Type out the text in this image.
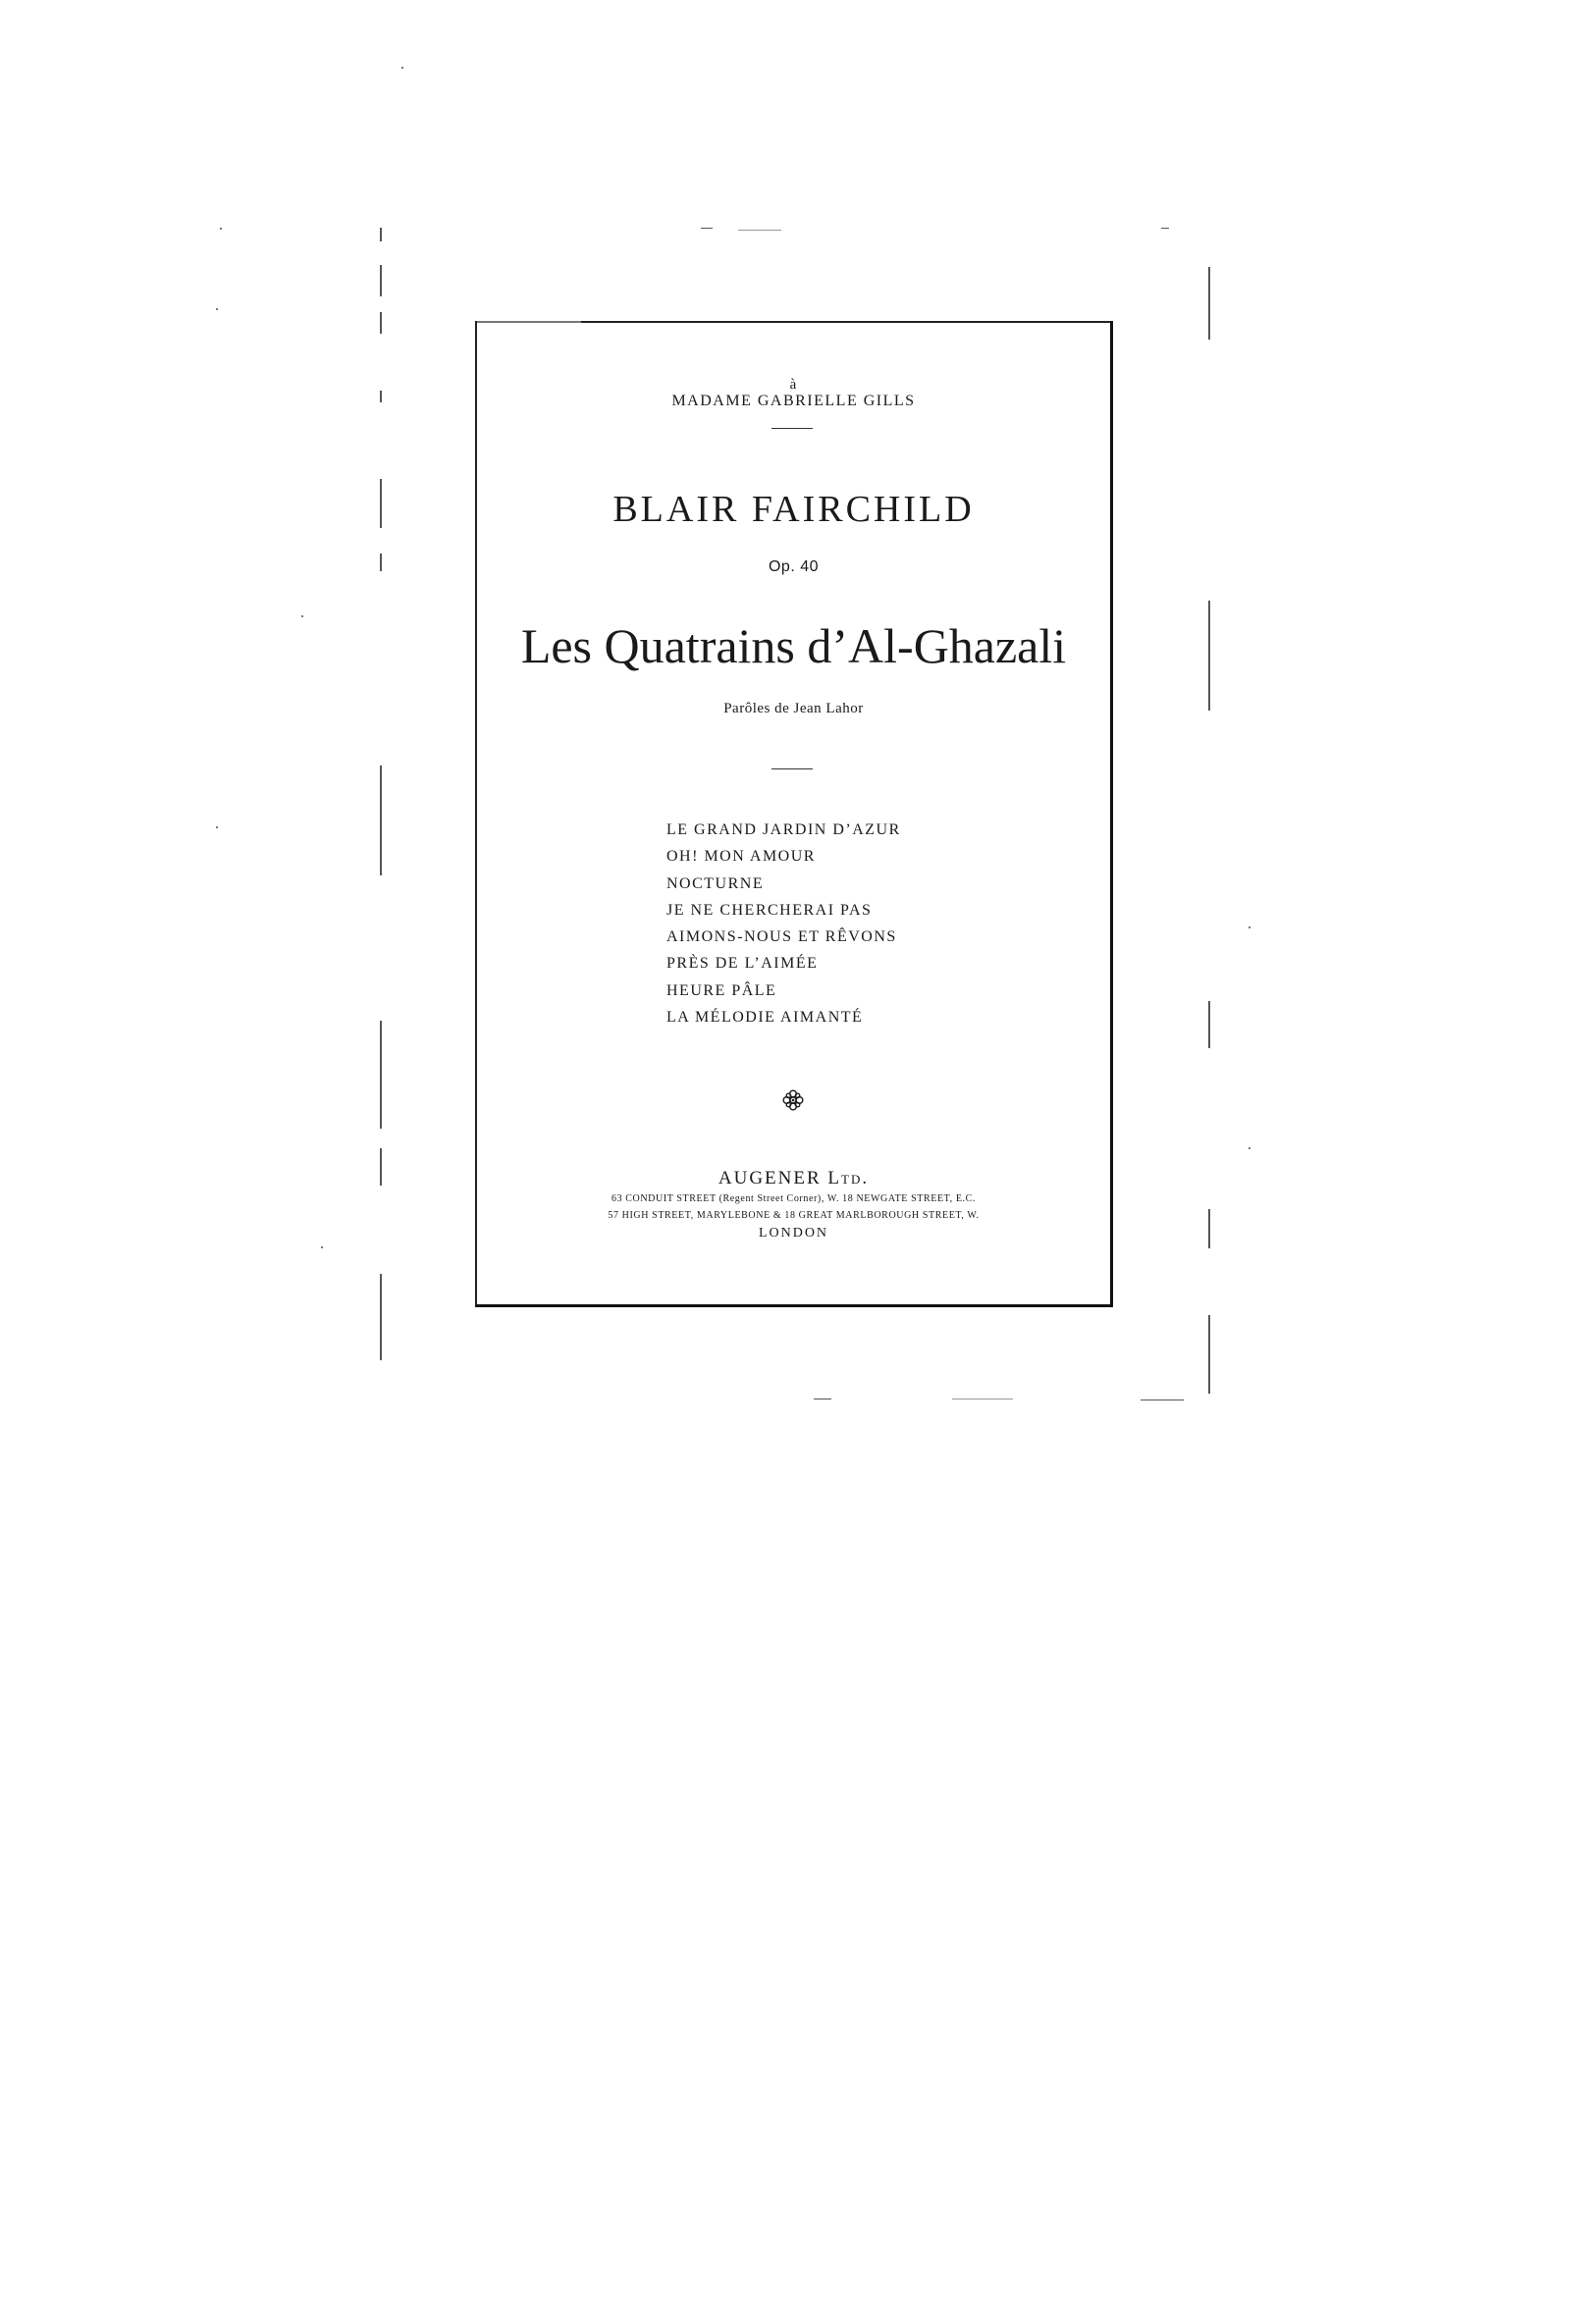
à
MADAME GABRIELLE GILLS
BLAIR FAIRCHILD
Op. 40
Les Quatrains d’Al-Ghazali
Parôles de Jean Lahor
LE GRAND JARDIN D’AZUR
OH! MON AMOUR
NOCTURNE
JE NE CHERCHERAI PAS
AIMONS-NOUS ET RÊVONS
PRÈS DE L’AIMÉE
HEURE PÂLE
LA MÉLODIE AIMANTÉ
AUGENER Ltd.
63 CONDUIT STREET (Regent Street Corner), W. 18 NEWGATE STREET, E.C.
57 HIGH STREET, MARYLEBONE & 18 GREAT MARLBOROUGH STREET, W.
LONDON
